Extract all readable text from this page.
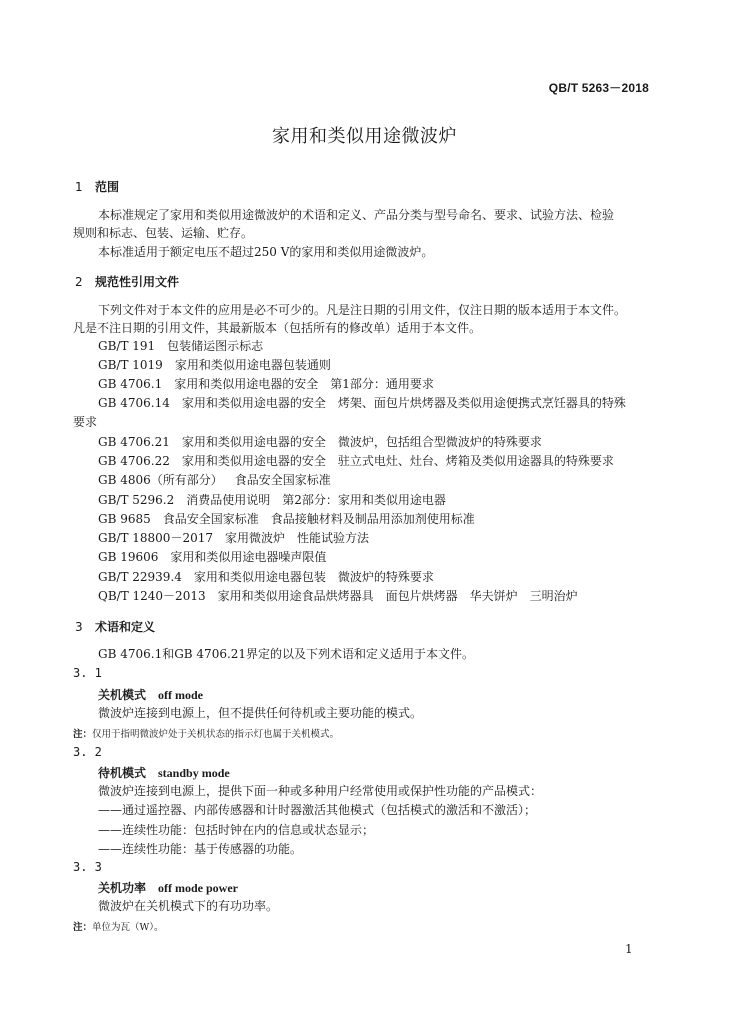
QB/T 5263－2018
家用和类似用途微波炉
1 范围
本标准规定了家用和类似用途微波炉的术语和定义、产品分类与型号命名、要求、试验方法、检验
规则和标志、包装、运输、贮存。
本标准适用于额定电压不超过250 V的家用和类似用途微波炉。
2 规范性引用文件
下列文件对于本文件的应用是必不可少的。凡是注日期的引用文件，仅注日期的版本适用于本文件。
凡是不注日期的引用文件，其最新版本（包括所有的修改单）适用于本文件。
GB/T 191 包装储运图示标志
GB/T 1019 家用和类似用途电器包装通则
GB 4706.1 家用和类似用途电器的安全　第1部分：通用要求
GB 4706.14 家用和类似用途电器的安全　烤架、面包片烘烤器及类似用途便携式烹饪器具的特殊
要求
GB 4706.21 家用和类似用途电器的安全　微波炉，包括组合型微波炉的特殊要求
GB 4706.22 家用和类似用途电器的安全　驻立式电灶、灶台、烤箱及类似用途器具的特殊要求
GB 4806（所有部分） 食品安全国家标准
GB/T 5296.2 消费品使用说明　第2部分：家用和类似用途电器
GB 9685 食品安全国家标准　食品接触材料及制品用添加剂使用标准
GB/T 18800－2017 家用微波炉　性能试验方法
GB 19606 家用和类似用途电器噪声限值
GB/T 22939.4 家用和类似用途电器包装　微波炉的特殊要求
QB/T 1240－2013 家用和类似用途食品烘烤器具　面包片烘烤器　华夫饼炉　三明治炉
3 术语和定义
GB 4706.1和GB 4706.21界定的以及下列术语和定义适用于本文件。
3. 1
关机模式 off mode
微波炉连接到电源上，但不提供任何待机或主要功能的模式。
注：仅用于指明微波炉处于关机状态的指示灯也属于关机模式。
3. 2
待机模式 standby mode
微波炉连接到电源上，提供下面一种或多种用户经常使用或保护性功能的产品模式：
——通过遥控器、内部传感器和计时器激活其他模式（包括模式的激活和不激活）；
——连续性功能：包括时钟在内的信息或状态显示；
——连续性功能：基于传感器的功能。
3. 3
关机功率 off mode power
微波炉在关机模式下的有功功率。
注：单位为瓦（W）。
1
